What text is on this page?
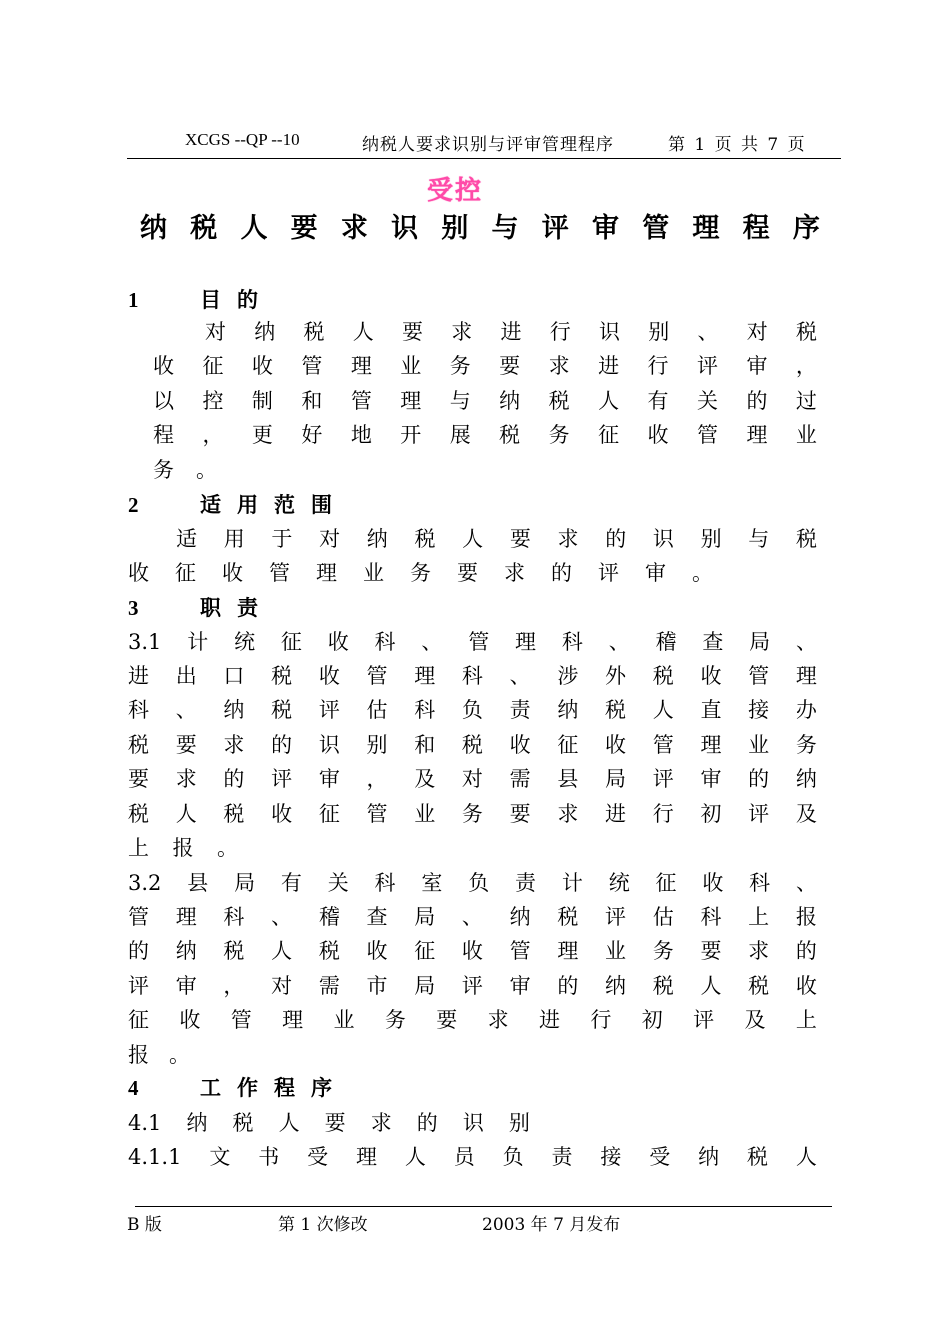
XCGS --QP --10	纳税人要求识别与评审管理程序	第 1 页 共 7 页
受控
纳 税 人 要 求 识 别 与 评 审 管 理 程 序
1	目的
2	适用范围
3	职责
4	工作程序
对 纳 税 人 要 求 进 行 识 别 、 对 税
收 征 收 管 理 业 务 要 求 进 行 评 审 ，
以 控 制 和 管 理 与 纳 税 人 有 关 的 过
程 ， 更 好 地 开 展 税 务 征 收 管 理 业
务 。
适 用 于 对 纳 税 人 要 求 的 识 别 与 税
收 征 收 管 理 业 务 要 求 的 评 审 。
3.1 计 统 征 收 科 、 管 理 科 、 稽 查 局 、
进 出 口 税 收 管 理 科 、 涉 外 税 收 管 理
科 、 纳 税 评 估 科 负 责 纳 税 人 直 接 办
税 要 求 的 识 别 和 税 收 征 收 管 理 业 务
要 求 的 评 审 ， 及 对 需 县 局 评 审 的 纳
税 人 税 收 征 管 业 务 要 求 进 行 初 评 及
上 报 。
3.2 县 局 有 关 科 室 负 责 计 统 征 收 科 、
管 理 科 、 稽 查 局 、 纳 税 评 估 科 上 报
的 纳 税 人 税 收 征 收 管 理 业 务 要 求 的
评 审 ， 对 需 市 局 评 审 的 纳 税 人 税 收
征 收 管 理 业 务 要 求 进 行 初 评 及 上
报 。
4.1 纳 税 人 要 求 的 识 别
4.1.1 文 书 受 理 人 员 负 责 接 受 纳 税 人
B 版	第 1 次修改	2003 年 7 月发布
